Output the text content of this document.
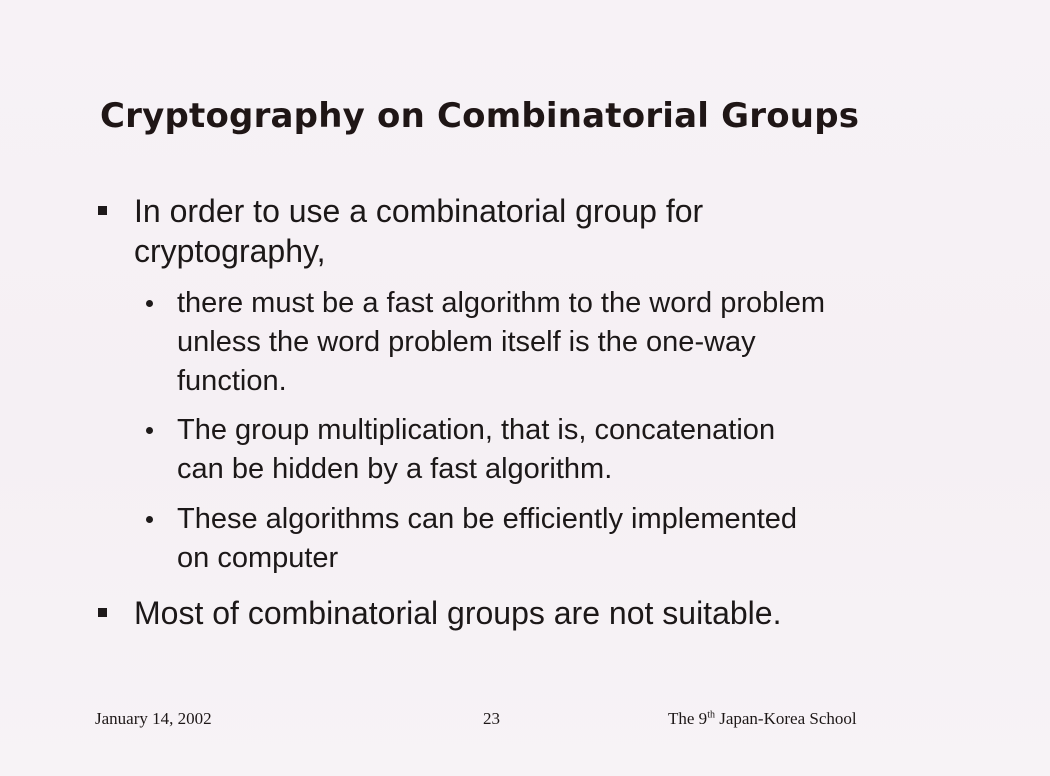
Cryptography on Combinatorial Groups
In order to use a combinatorial group for
cryptography,
there must be a fast algorithm to the word problem
unless the word problem itself is the one-way
function.
The group multiplication, that is, concatenation
can be hidden by a fast algorithm.
These algorithms can be efficiently implemented
on computer
Most of combinatorial groups are not suitable.
January 14, 2002	23	The 9th Japan-Korea School
